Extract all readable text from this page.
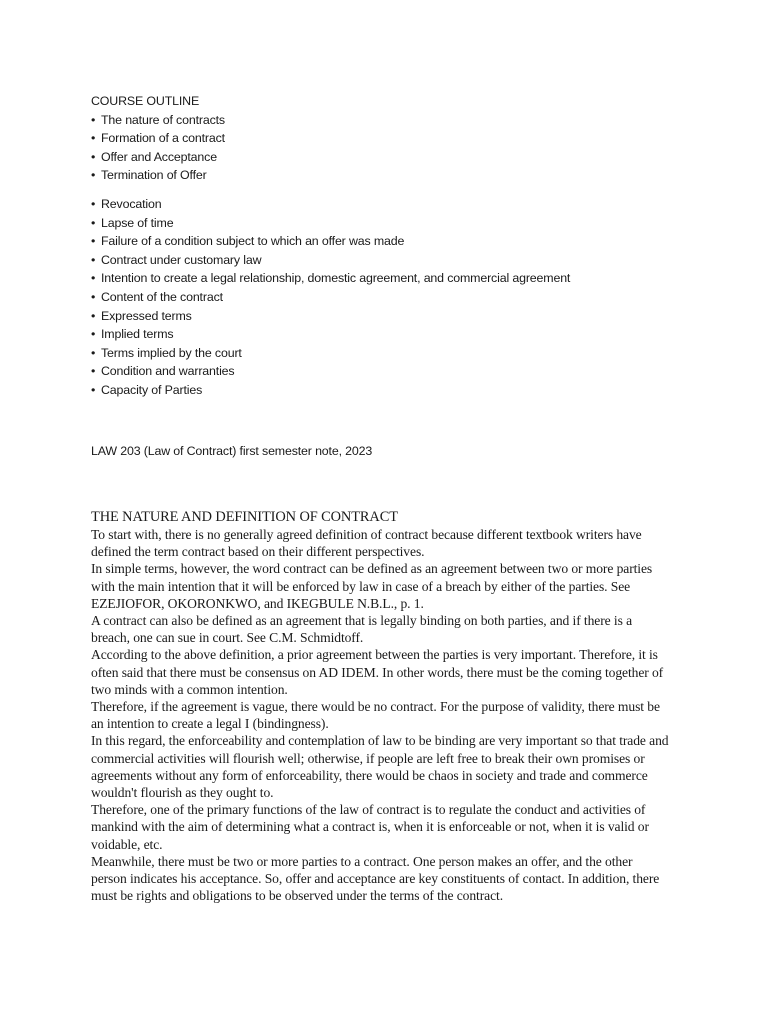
COURSE OUTLINE
• The nature of contracts
• Formation of a contract
• Offer and Acceptance
• Termination of Offer
• Revocation
• Lapse of time
• Failure of a condition subject to which an offer was made
• Contract under customary law
• Intention to create a legal relationship, domestic agreement, and commercial agreement
• Content of the contract
• Expressed terms
• Implied terms
• Terms implied by the court
• Condition and warranties
• Capacity of Parties
LAW 203 (Law of Contract) first semester note, 2023
THE NATURE AND DEFINITION OF CONTRACT

To start with, there is no generally agreed definition of contract because different textbook writers have defined the term contract based on their different perspectives.

In simple terms, however, the word contract can be defined as an agreement between two or more parties with the main intention that it will be enforced by law in case of a breach by either of the parties. See EZEJIOFOR, OKORONKWO, and IKEGBULE N.B.L., p. 1.

A contract can also be defined as an agreement that is legally binding on both parties, and if there is a breach, one can sue in court. See C.M. Schmidtoff.

According to the above definition, a prior agreement between the parties is very important. Therefore, it is often said that there must be consensus on AD IDEM. In other words, there must be the coming together of two minds with a common intention.

Therefore, if the agreement is vague, there would be no contract. For the purpose of validity, there must be an intention to create a legal I (bindingness).

In this regard, the enforceability and contemplation of law to be binding are very important so that trade and commercial activities will flourish well; otherwise, if people are left free to break their own promises or agreements without any form of enforceability, there would be chaos in society and trade and commerce wouldn't flourish as they ought to.

Therefore, one of the primary functions of the law of contract is to regulate the conduct and activities of mankind with the aim of determining what a contract is, when it is enforceable or not, when it is valid or voidable, etc.

Meanwhile, there must be two or more parties to a contract. One person makes an offer, and the other person indicates his acceptance. So, offer and acceptance are key constituents of contact. In addition, there must be rights and obligations to be observed under the terms of the contract.
